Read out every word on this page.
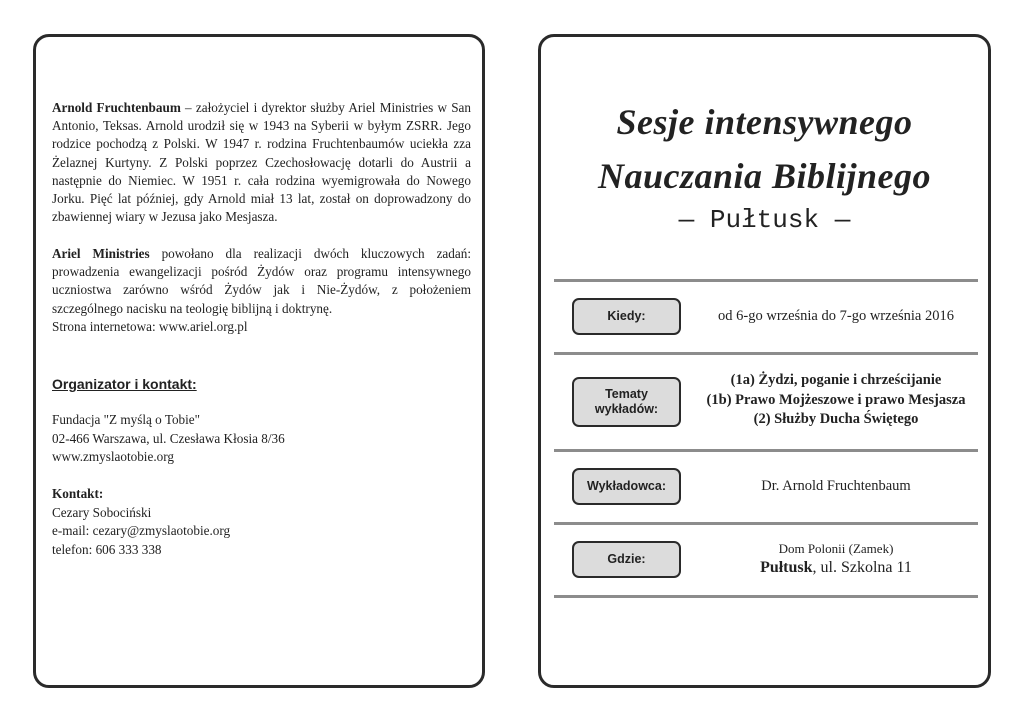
Arnold Fruchtenbaum – założyciel i dyrektor służby Ariel Ministries w San Antonio, Teksas. Arnold urodził się w 1943 na Syberii w byłym ZSRR. Jego rodzice pochodzą z Polski. W 1947 r. rodzina Fruchtenbaumów uciekła zza Żelaznej Kurtyny. Z Polski poprzez Czechosłowację dotarli do Austrii a następnie do Niemiec. W 1951 r. cała rodzina wyemigrowała do Nowego Jorku. Pięć lat później, gdy Arnold miał 13 lat, został on doprowadzony do zbawiennej wiary w Jezusa jako Mesjasza.
Ariel Ministries powołano dla realizacji dwóch kluczowych zadań: prowadzenia ewangelizacji pośród Żydów oraz programu intensywnego uczniostwa zarówno wśród Żydów jak i Nie-Żydów, z położeniem szczególnego nacisku na teologię biblijną i doktrynę.
Strona internetowa: www.ariel.org.pl
Organizator i kontakt:
Fundacja "Z myślą o Tobie"
02-466 Warszawa, ul. Czesława Kłosia 8/36
www.zmyslaotobie.org
Kontakt:
Cezary Sobociński
e-mail: cezary@zmyslaotobie.org
telefon: 606 333 338
Sesje intensywnego
Nauczania Biblijnego
— Pułtusk —
Kiedy:	od 6-go września do 7-go września 2016
Tematy
wykładów:
(1a) Żydzi, poganie i chrześcijanie
(1b) Prawo Mojżeszowe i prawo Mesjasza
(2) Służby Ducha Świętego
Wykładowca:	Dr. Arnold Fruchtenbaum
Gdzie:
Dom Polonii (Zamek)
Pułtusk, ul. Szkolna 11
